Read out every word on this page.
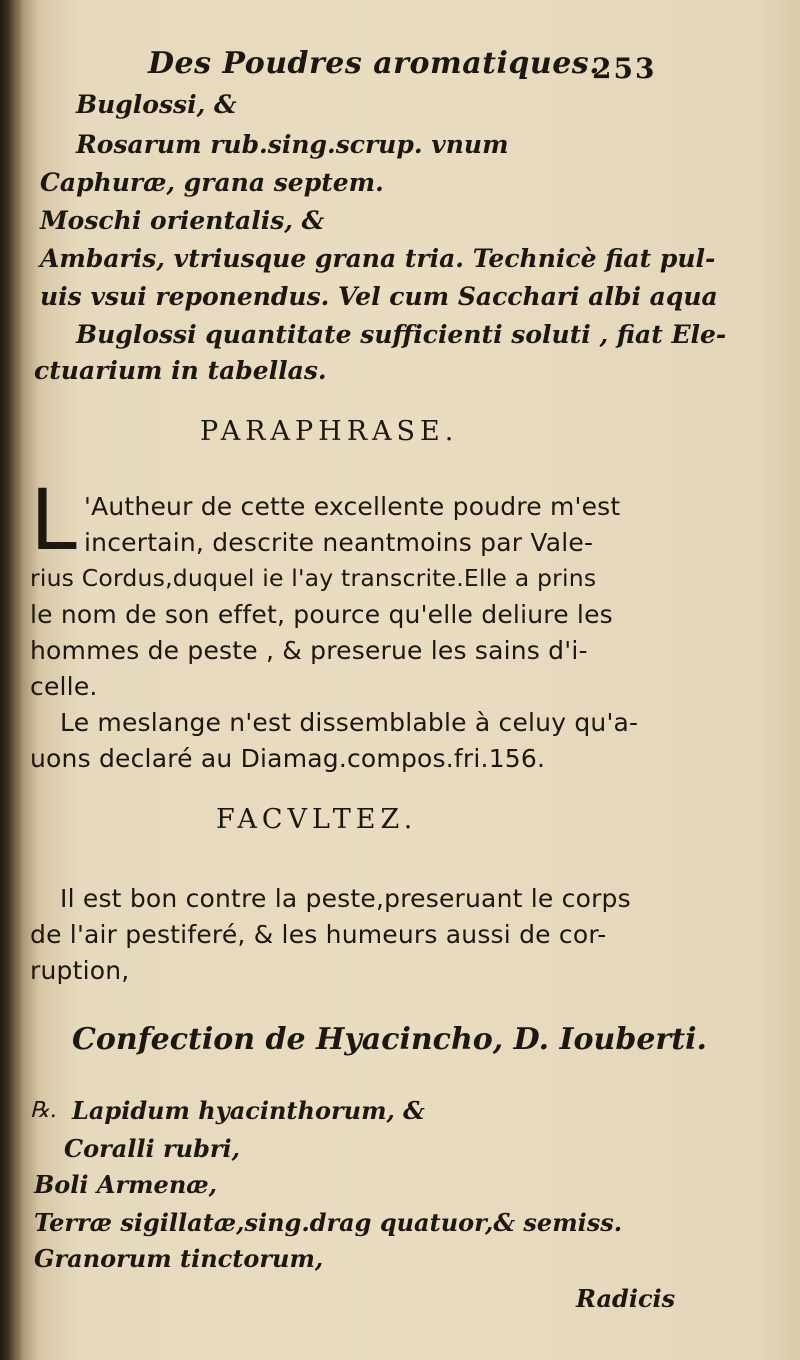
Des Poudres aromatiques.
253
Buglossi, &
Rosarum rub.sing.scrup. vnum
Caphuræ, grana septem.
Moschi orientalis, &
Ambaris, vtriusque grana tria. Technicè fiat pul-
uis vsui reponendus. Vel cum Sacchari albi aqua
Buglossi quantitate sufficienti soluti , fiat Ele-
ctuarium in tabellas.
PARAPHRASE.
L 'Autheur de cette excellente poudre m'est
incertain, descrite neantmoins par Vale-
rius Cordus,duquel ie l'ay transcrite.Elle a prins
le nom de son effet, pource qu'elle deliure les
hommes de peste , & preserue les sains d'i-
celle.
Le meslange n'est dissemblable à celuy qu'a-
uons declaré au Diamag.compos.fri.156.
FACVLTEZ.
Il est bon contre la peste,preseruant le corps
de l'air pestiferé, & les humeurs aussi de cor-
ruption,
Confection de Hyacincho, D. Iouberti.
℞. Lapidum hyacinthorum, &
Coralli rubri,
Boli Armenæ,
Terræ sigillatæ,sing.drag quatuor,& semiss.
Granorum tinctorum,
Radicis
